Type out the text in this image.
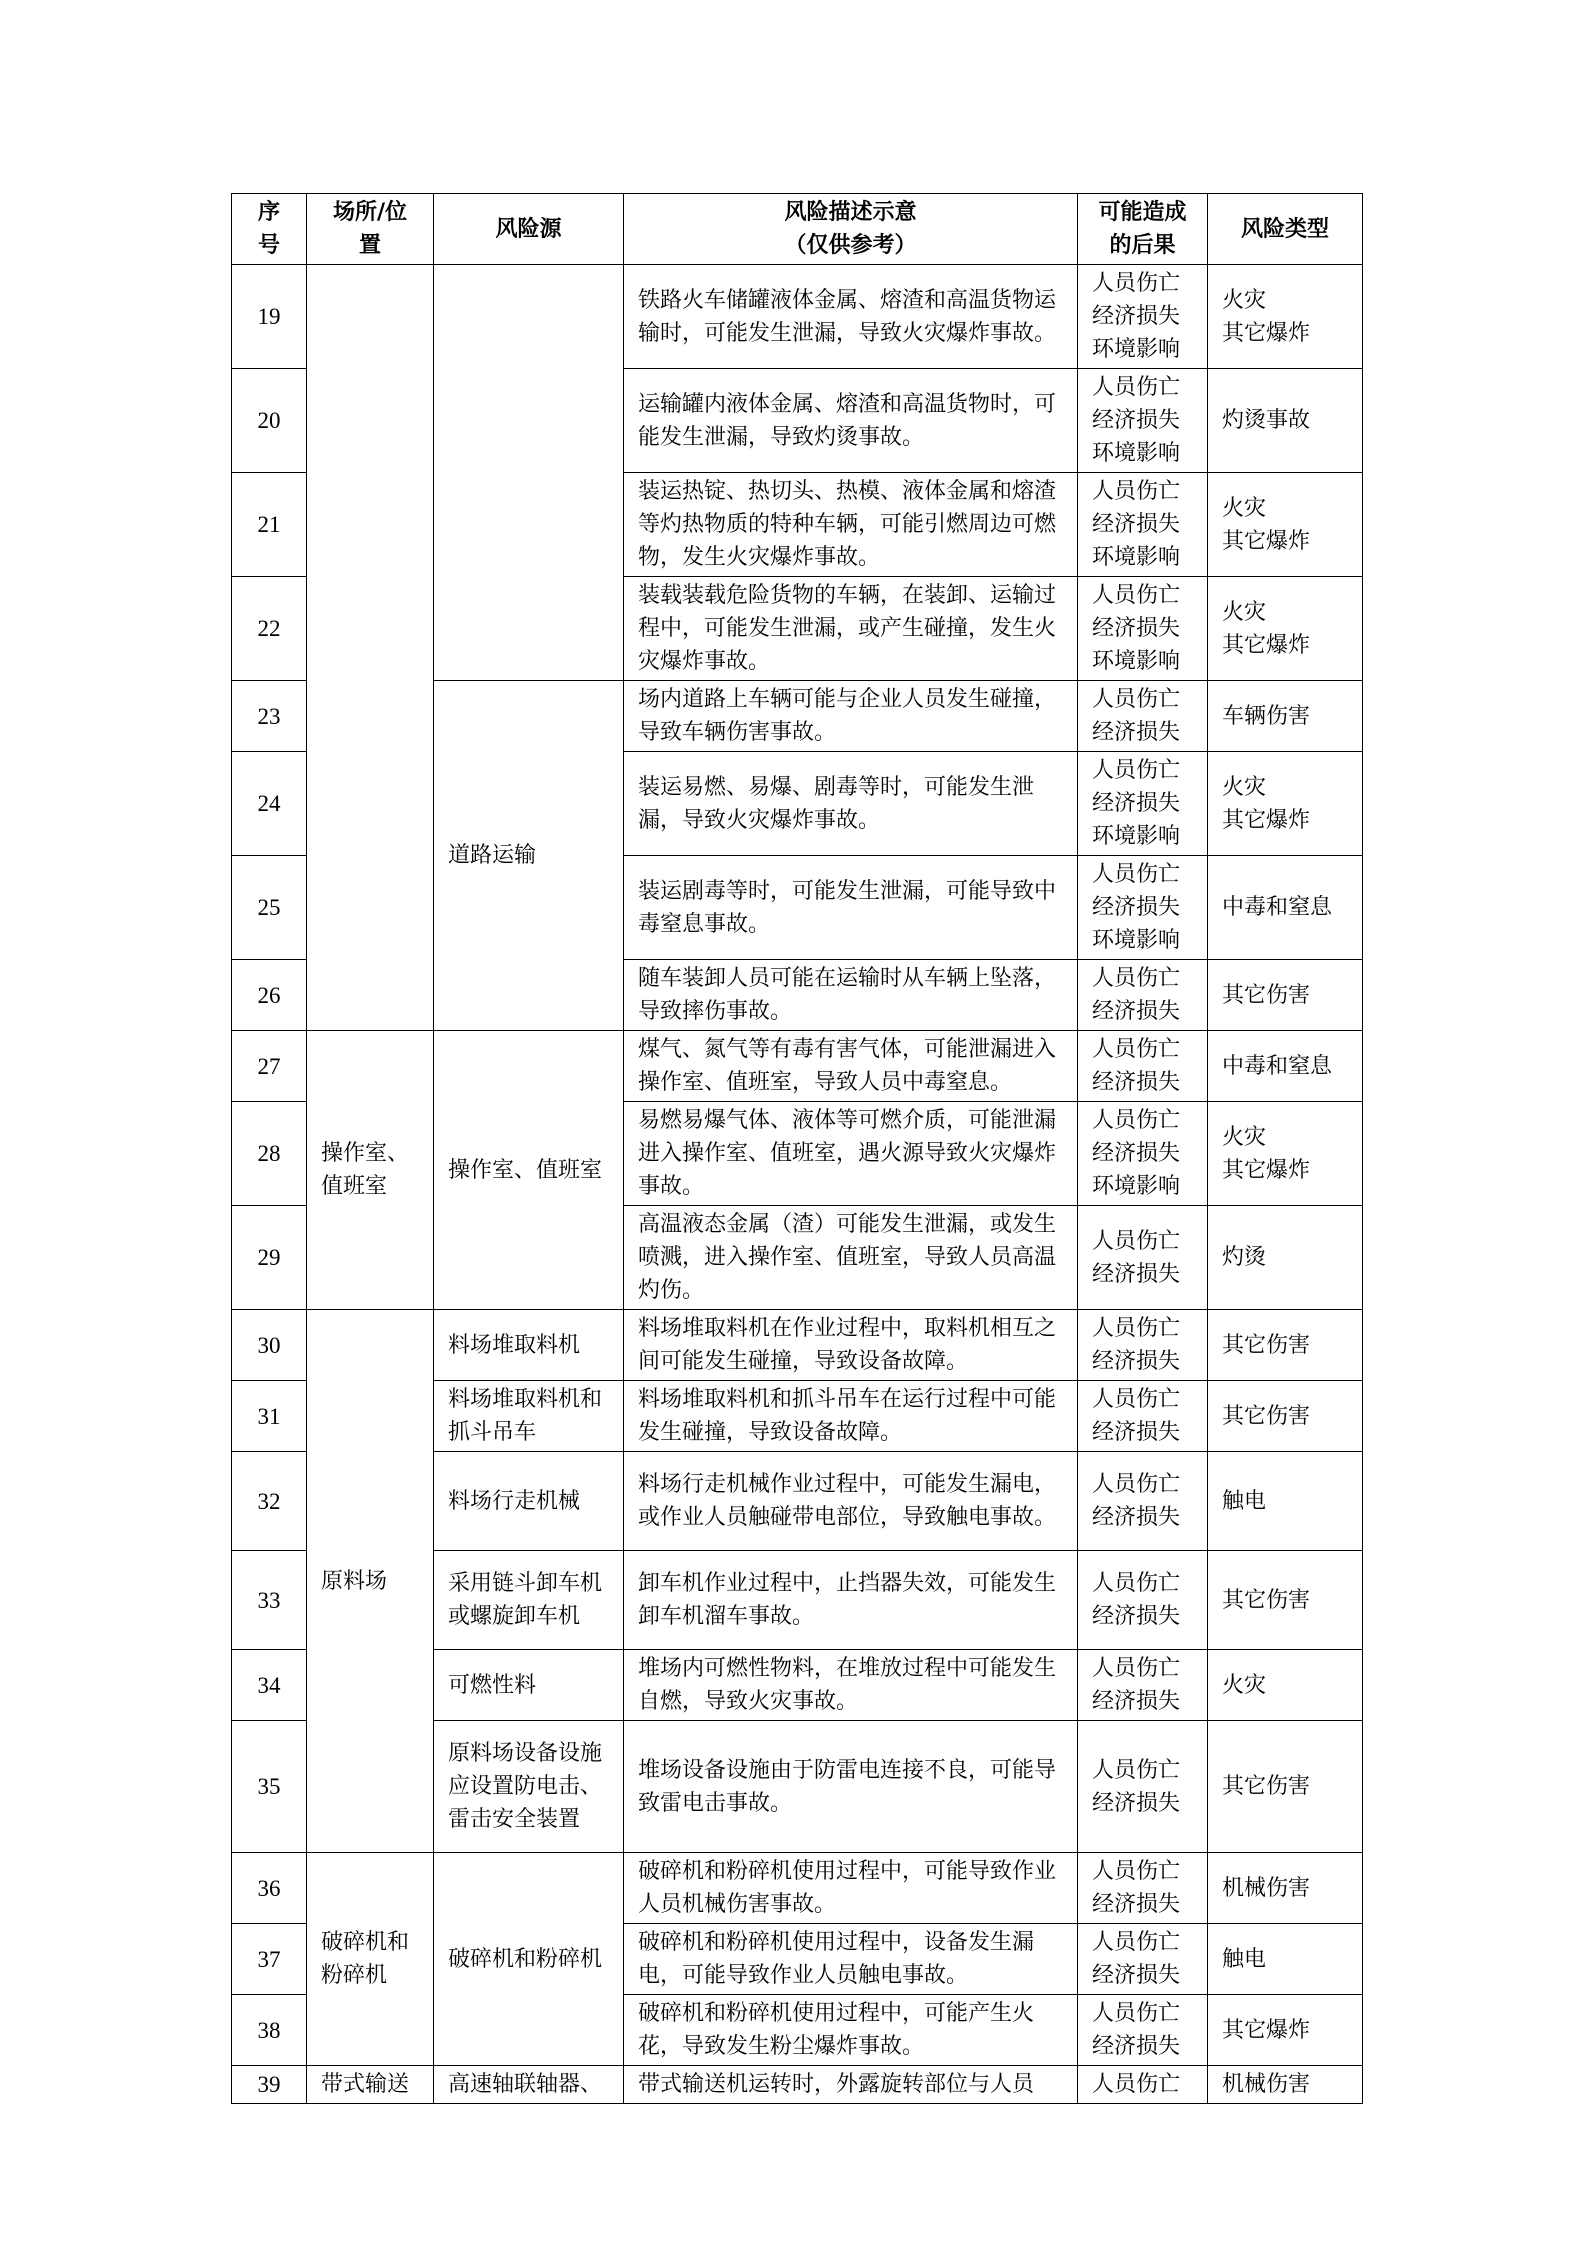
序
号	场所/位
置	风险源	风险描述示意
（仅供参考）	可能造成
的后果	风险类型
19			铁路火车储罐液体金属、熔渣和高温货物运输时，可能发生泄漏，导致火灾爆炸事故。	人员伤亡
经济损失
环境影响	火灾
其它爆炸
20			运输罐内液体金属、熔渣和高温货物时，可能发生泄漏，导致灼烫事故。	人员伤亡
经济损失
环境影响	灼烫事故
21			装运热锭、热切头、热模、液体金属和熔渣等灼热物质的特种车辆，可能引燃周边可燃物，发生火灾爆炸事故。	人员伤亡
经济损失
环境影响	火灾
其它爆炸
22			装载装载危险货物的车辆，在装卸、运输过程中，可能发生泄漏，或产生碰撞，发生火灾爆炸事故。	人员伤亡
经济损失
环境影响	火灾
其它爆炸
23		道路运输	场内道路上车辆可能与企业人员发生碰撞，导致车辆伤害事故。	人员伤亡
经济损失	车辆伤害
24			装运易燃、易爆、剧毒等时，可能发生泄漏，导致火灾爆炸事故。	人员伤亡
经济损失
环境影响	火灾
其它爆炸
25			装运剧毒等时，可能发生泄漏，可能导致中毒窒息事故。	人员伤亡
经济损失
环境影响	中毒和窒息
26			随车装卸人员可能在运输时从车辆上坠落，导致摔伤事故。	人员伤亡
经济损失	其它伤害
27	操作室、
值班室	操作室、值班室	煤气、氮气等有毒有害气体，可能泄漏进入操作室、值班室，导致人员中毒窒息。	人员伤亡
经济损失	中毒和窒息
28			易燃易爆气体、液体等可燃介质，可能泄漏进入操作室、值班室，遇火源导致火灾爆炸事故。	人员伤亡
经济损失
环境影响	火灾
其它爆炸
29			高温液态金属（渣）可能发生泄漏，或发生喷溅，进入操作室、值班室，导致人员高温灼伤。	人员伤亡
经济损失	灼烫
30	原料场	料场堆取料机	料场堆取料机在作业过程中，取料机相互之间可能发生碰撞，导致设备故障。	人员伤亡
经济损失	其它伤害
31		料场堆取料机和抓斗吊车	料场堆取料机和抓斗吊车在运行过程中可能发生碰撞，导致设备故障。	人员伤亡
经济损失	其它伤害
32		料场行走机械	料场行走机械作业过程中，可能发生漏电，或作业人员触碰带电部位，导致触电事故。	人员伤亡
经济损失	触电
33		采用链斗卸车机或螺旋卸车机	卸车机作业过程中，止挡器失效，可能发生卸车机溜车事故。	人员伤亡
经济损失	其它伤害
34		可燃性料	堆场内可燃性物料，在堆放过程中可能发生自燃，导致火灾事故。	人员伤亡
经济损失	火灾
35		原料场设备设施应设置防电击、雷击安全装置	堆场设备设施由于防雷电连接不良，可能导致雷电击事故。	人员伤亡
经济损失	其它伤害
36	破碎机和
粉碎机	破碎机和粉碎机	破碎机和粉碎机使用过程中，可能导致作业人员机械伤害事故。	人员伤亡
经济损失	机械伤害
37			破碎机和粉碎机使用过程中，设备发生漏电，可能导致作业人员触电事故。	人员伤亡
经济损失	触电
38			破碎机和粉碎机使用过程中，可能产生火花，导致发生粉尘爆炸事故。	人员伤亡
经济损失	其它爆炸
39	带式输送	高速轴联轴器、	带式输送机运转时，外露旋转部位与人员	人员伤亡	机械伤害
